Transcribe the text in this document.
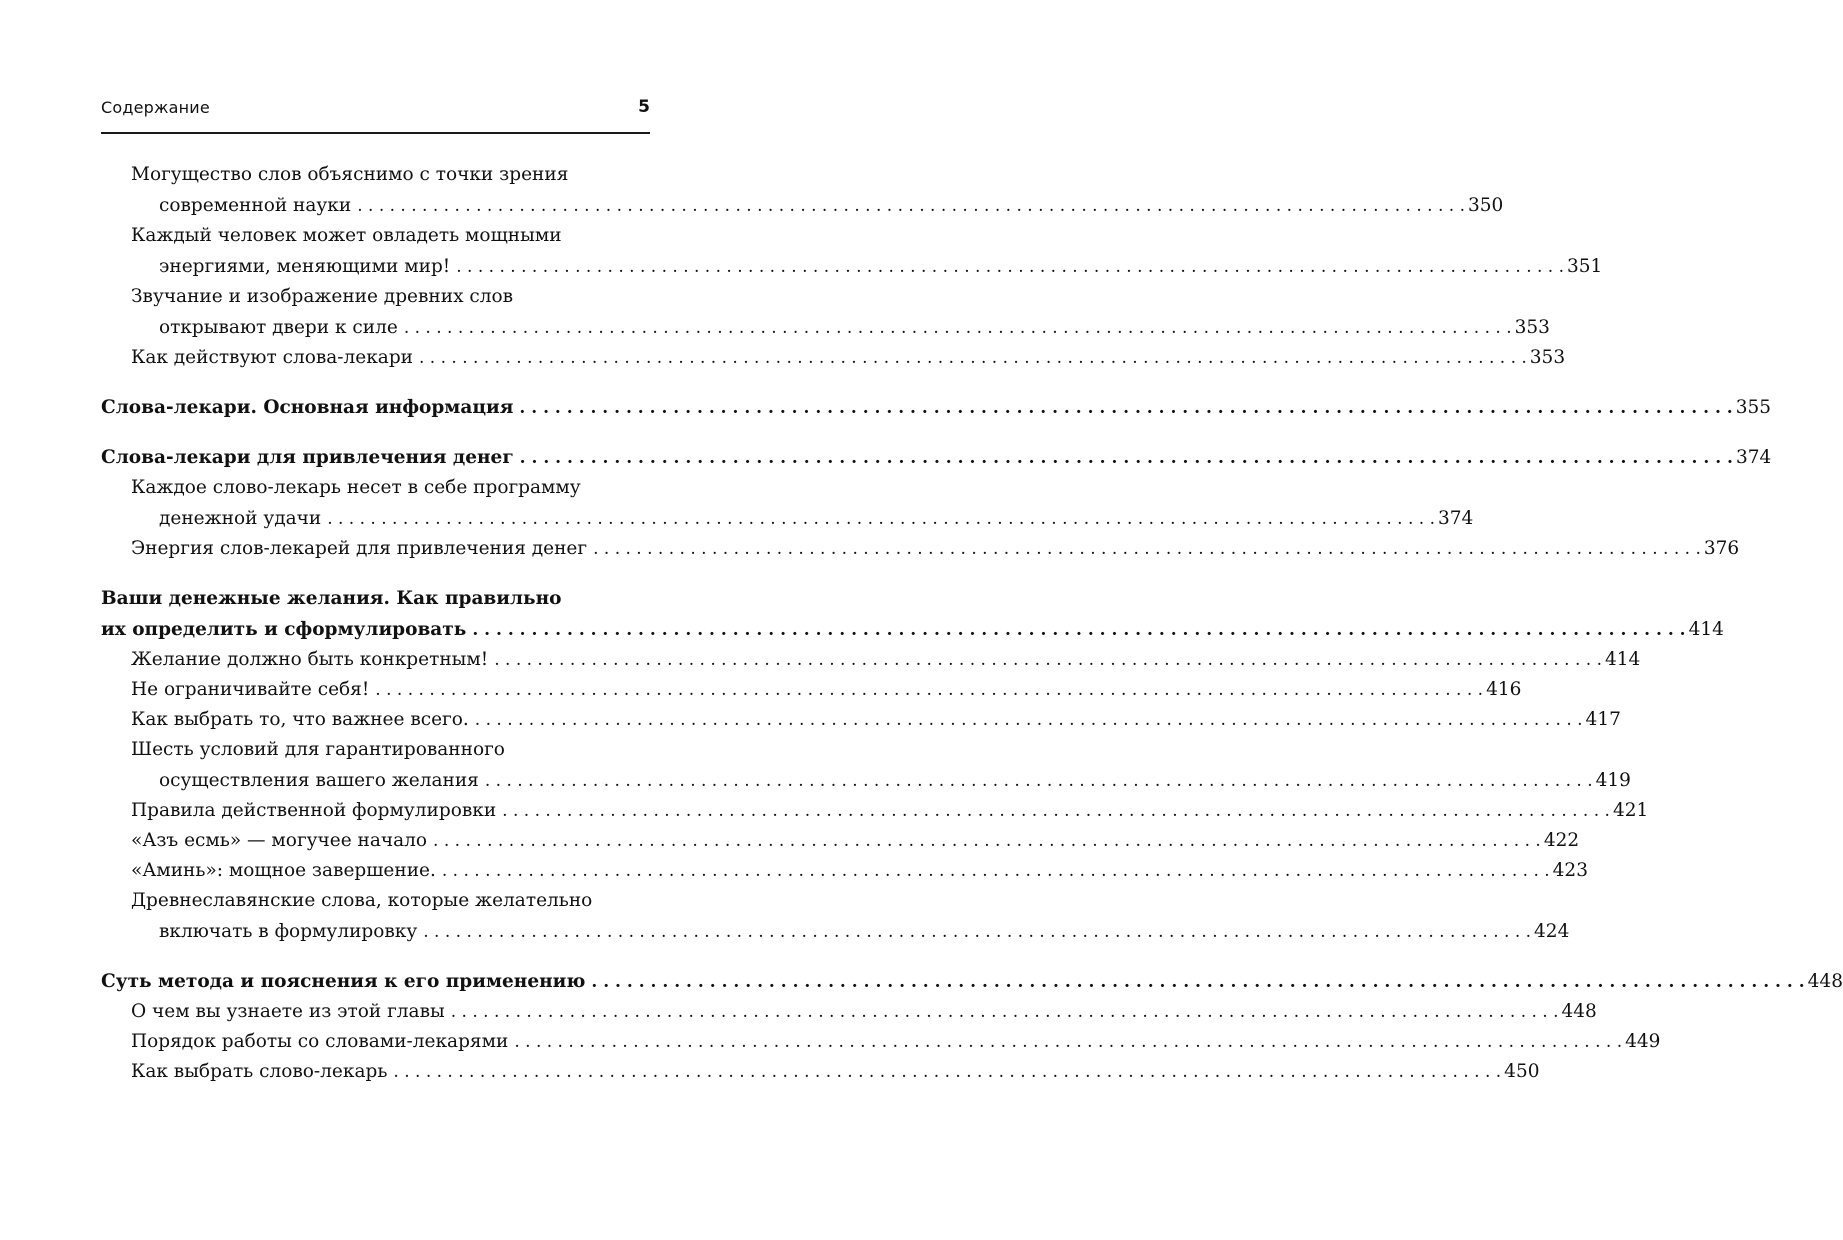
Содержание	5
Могущество слов объяснимо с точки зрения
современной науки . . .	350
Каждый человек может овладеть мощными
энергиями, меняющими мир! . . .	351
Звучание и изображение древних слов
открывают двери к силе . . .	353
Как действуют слова-лекари . . .	353
Слова-лекари. Основная информация . . .	355
Слова-лекари для привлечения денег . . .	374
Каждое слово-лекарь несет в себе программу
денежной удачи . . .	374
Энергия слов-лекарей для привлечения денег . . .	376
Ваши денежные желания. Как правильно
их определить и сформулировать . . .	414
Желание должно быть конкретным! . . .	414
Не ограничивайте себя! . . .	416
Как выбрать то, что важнее всего. . . .	417
Шесть условий для гарантированного
осуществления вашего желания . . .	419
Правила действенной формулировки . . .	421
«Азъ есмь» — могучее начало . . .	422
«Аминь»: мощное завершение. . . .	423
Древнеславянские слова, которые желательно
включать в формулировку . . .	424
Суть метода и пояснения к его применению . . .	448
О чем вы узнаете из этой главы . . .	448
Порядок работы со словами-лекарями . . .	449
Как выбрать слово-лекарь . . .	450
